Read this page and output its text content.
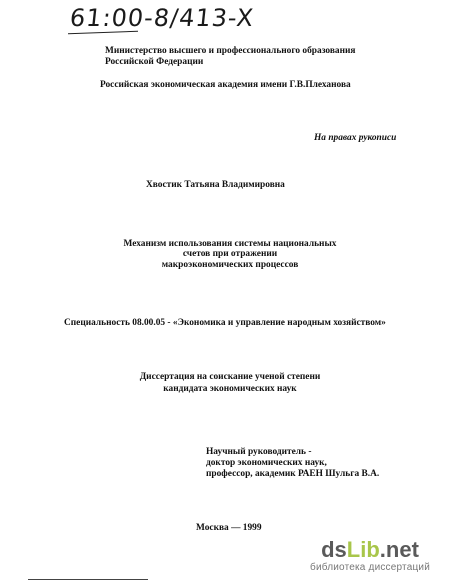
61:00-8/413-X
Министерство высшего и профессионального образования
Российской Федерации
Российская экономическая академия имени Г.В.Плеханова
На правах рукописи
Хвостик Татьяна Владимировна
Механизм использования системы национальных
счетов при отражении
макроэкономических процессов
Специальность 08.00.05 - «Экономика и управление народным хозяйством»
Диссертация на соискание ученой степени
кандидата экономических наук
Научный руководитель -
доктор экономических наук,
профессор, академик РАЕН Шульга В.А.
Москва — 1999
dsLib.net
библиотека диссертаций
